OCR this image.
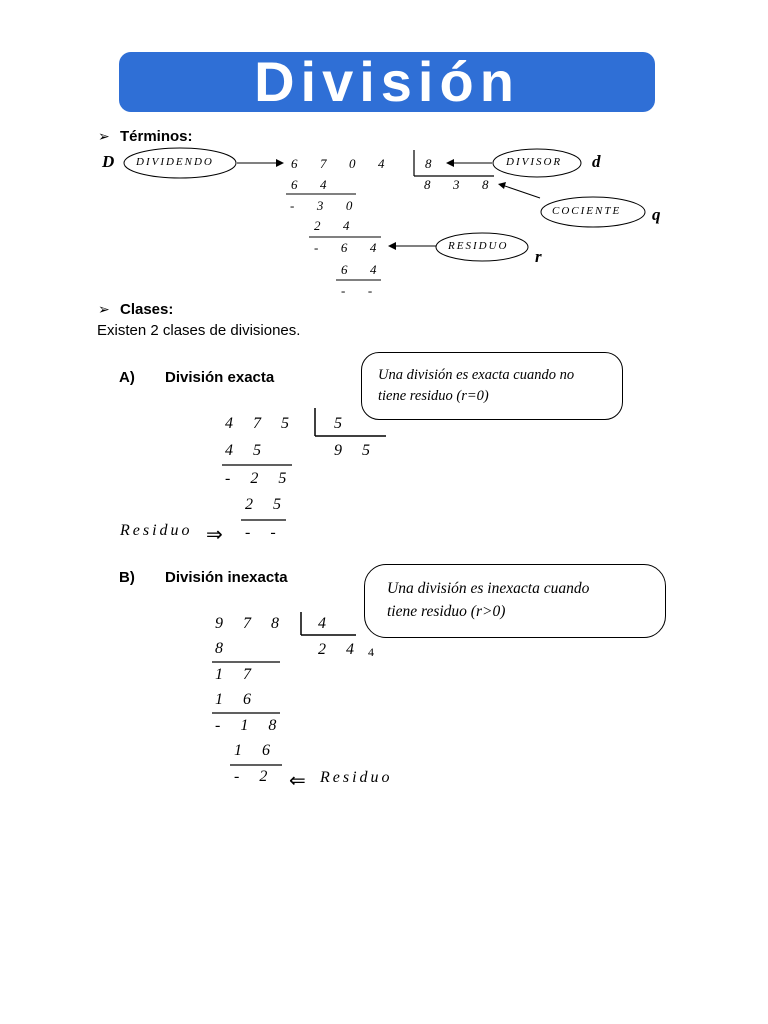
División
➢ Términos:
D	d
q
r
DIVIDENDO	DIVISOR
COCIENTE
RESIDUO
6  7  0  4
6  4
-  3  0
2  4
-  6  4
6  4
-  -
8
8  3  8
➢ Clases:
Existen 2 clases de divisiones.
A) División exacta	Una división es exacta cuando no
tiene residuo (r=0)
4  7  5
4  5
-  2  5
2  5
-  -
5
9  5
Residuo ⇒
B) División inexacta
Una división es inexacta cuando
tiene residuo (r>0)
9  7  8
8
1  7
1  6
-  1  8
1  6
-  2
4
2  4 4
⇐ Residuo
